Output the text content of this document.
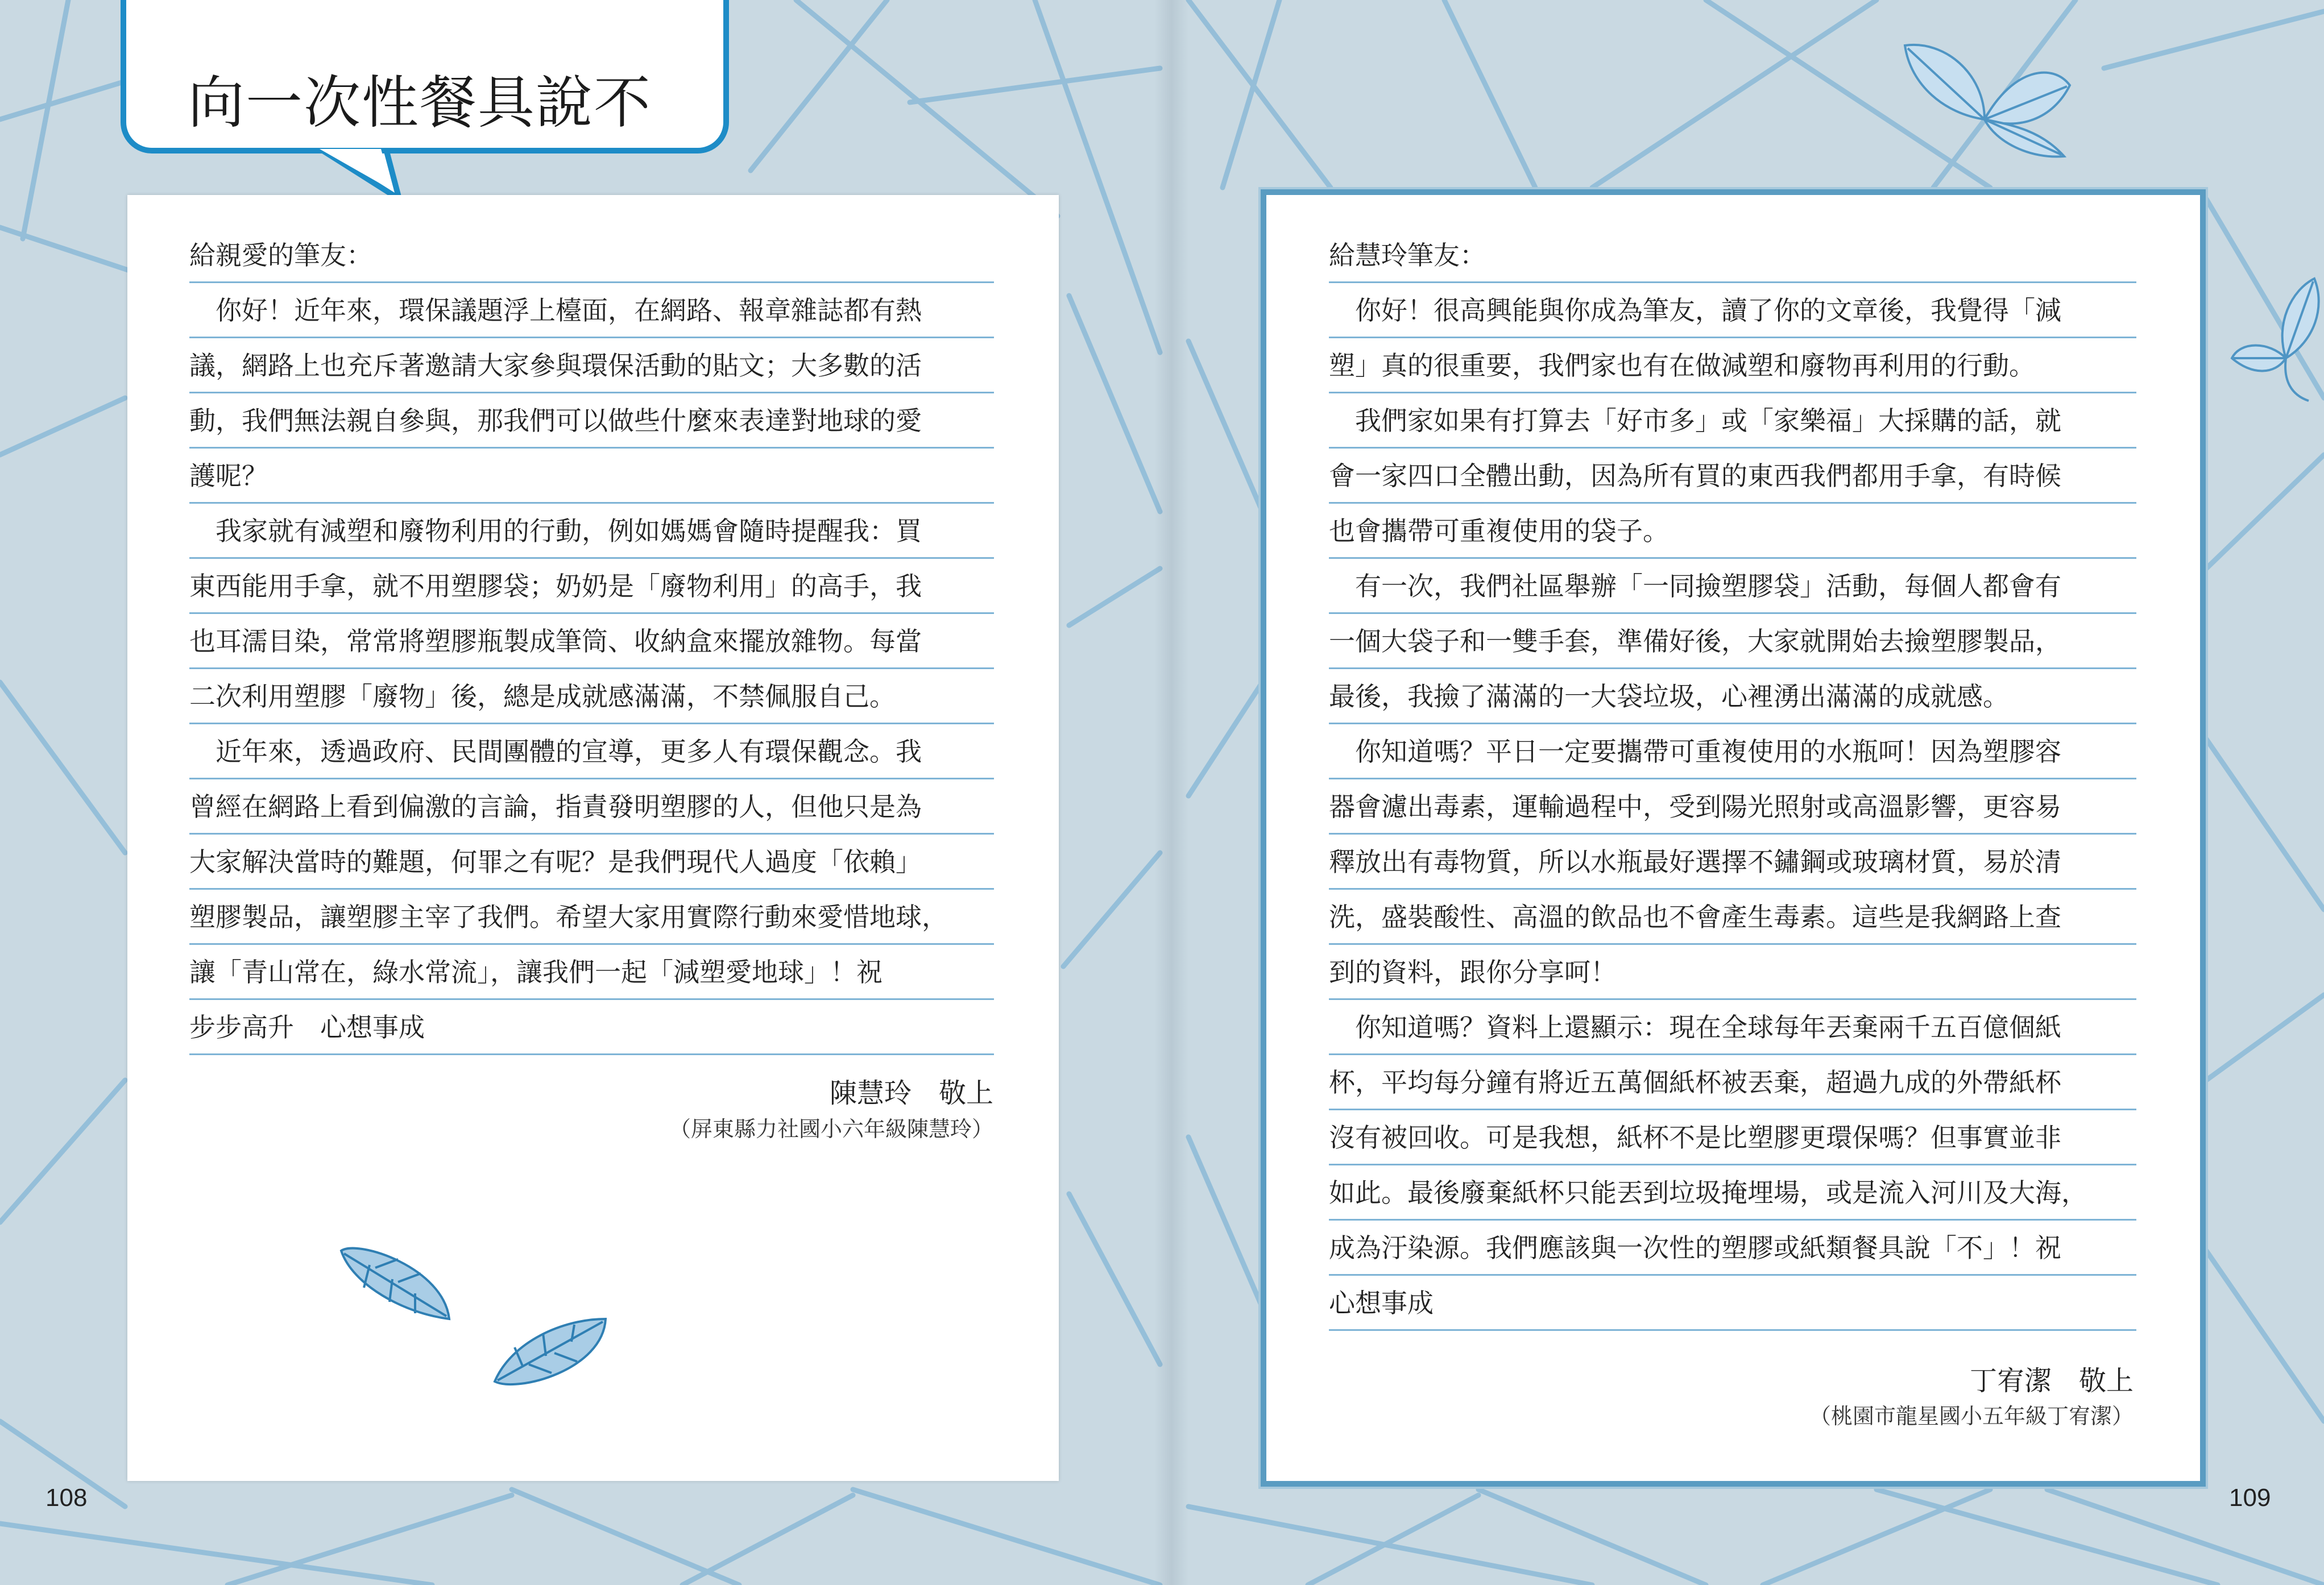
向一次性餐具說不
給親愛的筆友：
　你好！近年來，環保議題浮上檯面，在網路、報章雜誌都有熱
議，網路上也充斥著邀請大家參與環保活動的貼文；大多數的活
動，我們無法親自參與，那我們可以做些什麼來表達對地球的愛
護呢？
　我家就有減塑和廢物利用的行動，例如媽媽會隨時提醒我：買
東西能用手拿，就不用塑膠袋；奶奶是「廢物利用」的高手，我
也耳濡目染，常常將塑膠瓶製成筆筒、收納盒來擺放雜物。每當
二次利用塑膠「廢物」後，總是成就感滿滿，不禁佩服自己。
　近年來，透過政府、民間團體的宣導，更多人有環保觀念。我
曾經在網路上看到偏激的言論，指責發明塑膠的人，但他只是為
大家解決當時的難題，何罪之有呢？是我們現代人過度「依賴」
塑膠製品，讓塑膠主宰了我們。希望大家用實際行動來愛惜地球，
讓「青山常在，綠水常流」，讓我們一起「減塑愛地球」！祝
步步高升　心想事成
陳慧玲　敬上
（屏東縣力社國小六年級陳慧玲）
給慧玲筆友：
　你好！很高興能與你成為筆友，讀了你的文章後，我覺得「減
塑」真的很重要，我們家也有在做減塑和廢物再利用的行動。
　我們家如果有打算去「好市多」或「家樂福」大採購的話，就
會一家四口全體出動，因為所有買的東西我們都用手拿，有時候
也會攜帶可重複使用的袋子。
　有一次，我們社區舉辦「一同撿塑膠袋」活動，每個人都會有
一個大袋子和一雙手套，準備好後，大家就開始去撿塑膠製品，
最後，我撿了滿滿的一大袋垃圾，心裡湧出滿滿的成就感。
　你知道嗎？平日一定要攜帶可重複使用的水瓶呵！因為塑膠容
器會濾出毒素，運輸過程中，受到陽光照射或高溫影響，更容易
釋放出有毒物質，所以水瓶最好選擇不鏽鋼或玻璃材質，易於清
洗，盛裝酸性、高溫的飲品也不會產生毒素。這些是我網路上查
到的資料，跟你分享呵！
　你知道嗎？資料上還顯示：現在全球每年丟棄兩千五百億個紙
杯，平均每分鐘有將近五萬個紙杯被丟棄，超過九成的外帶紙杯
沒有被回收。可是我想，紙杯不是比塑膠更環保嗎？但事實並非
如此。最後廢棄紙杯只能丟到垃圾掩埋場，或是流入河川及大海，
成為汙染源。我們應該與一次性的塑膠或紙類餐具說「不」！祝
心想事成
丁宥潔　敬上
（桃園市龍星國小五年級丁宥潔）
108	109
